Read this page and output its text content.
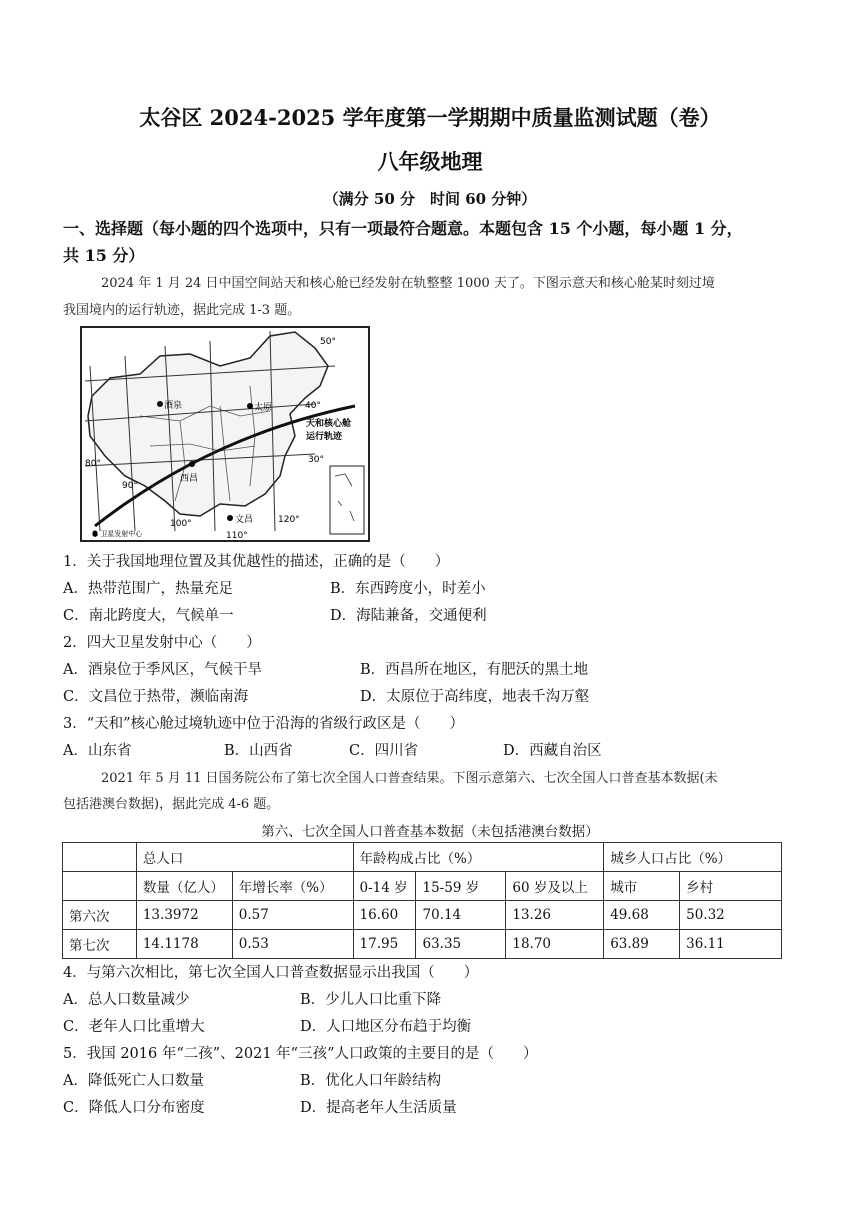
太谷区 2024-2025 学年度第一学期期中质量监测试题（卷）
八年级地理
（满分 50 分　时间 60 分钟）
一、选择题（每小题的四个选项中，只有一项最符合题意。本题包含 15 个小题，每小题 1 分，
共 15 分）
2024 年 1 月 24 日中国空间站天和核心舱已经发射在轨整整 1000 天了。下图示意天和核心舱某时刻过境
我国境内的运行轨迹，据此完成 1-3 题。
80°
90°
100°
110°
120°
40°
30°
50°
天和核心舱
运行轨迹
酒泉	太原
西昌
文昌
● 卫星发射中心
1．关于我国地理位置及其优越性的描述，正确的是（　　）
A．热带范围广，热量充足	B．东西跨度小，时差小
C．南北跨度大，气候单一	D．海陆兼备，交通便利
2．四大卫星发射中心（　　）
A．酒泉位于季风区，气候干旱	B．西昌所在地区，有肥沃的黑土地
C．文昌位于热带，濒临南海	D．太原位于高纬度，地表千沟万壑
3．“天和”核心舱过境轨迹中位于沿海的省级行政区是（　　）
A．山东省	B．山西省	C．四川省	D．西藏自治区
2021 年 5 月 11 日国务院公布了第七次全国人口普查结果。下图示意第六、七次全国人口普查基本数据(未
包括港澳台数据)，据此完成 4-6 题。
第六、七次全国人口普查基本数据（未包括港澳台数据）
	总人口		年龄构成占比（%）			城乡人口占比（%）	
	数量（亿人）	年增长率（%）	0-14 岁	15-59 岁	60 岁及以上	城市	乡村
第六次	13.3972	0.57	16.60	70.14	13.26	49.68	50.32
第七次	14.1178	0.53	17.95	63.35	18.70	63.89	36.11
4．与第六次相比，第七次全国人口普查数据显示出我国（　　）
A．总人口数量减少	B．少儿人口比重下降
C．老年人口比重增大	D．人口地区分布趋于均衡
5．我国 2016 年“二孩”、2021 年“三孩”人口政策的主要目的是（　　）
A．降低死亡人口数量	B．优化人口年龄结构
C．降低人口分布密度	D．提高老年人生活质量
